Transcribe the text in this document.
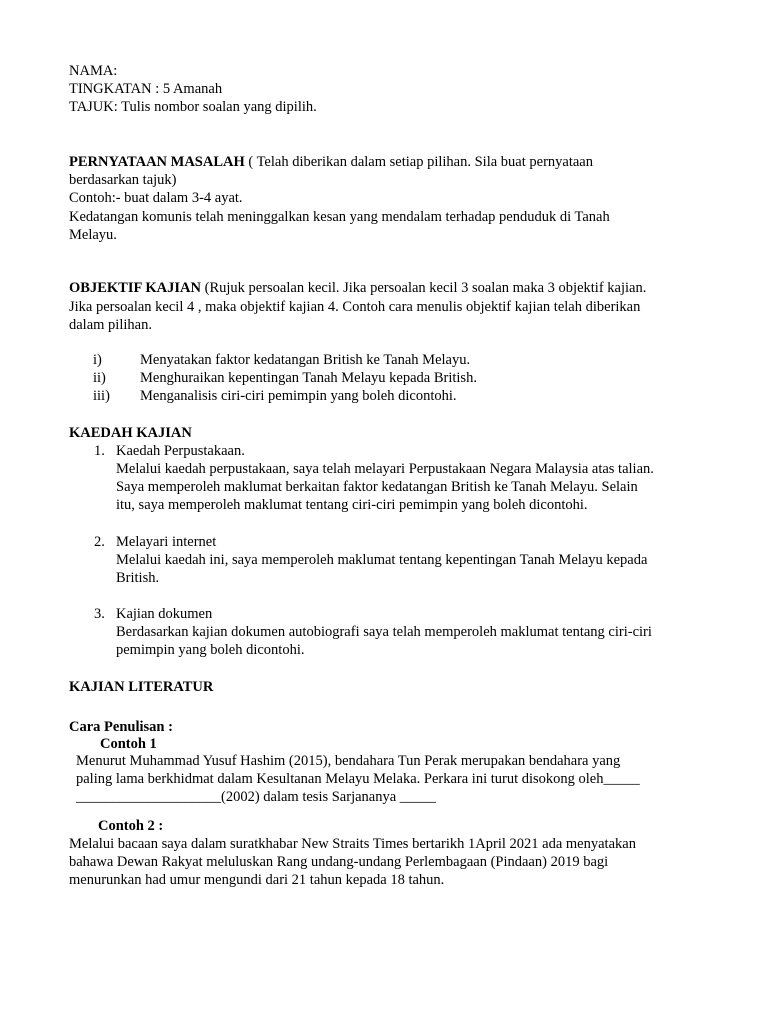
NAMA:
TINGKATAN : 5 Amanah
TAJUK: Tulis nombor soalan yang dipilih.
PERNYATAAN MASALAH ( Telah diberikan dalam setiap pilihan. Sila buat pernyataan
berdasarkan tajuk)
Contoh:- buat dalam 3-4 ayat.
Kedatangan komunis telah meninggalkan kesan yang mendalam terhadap penduduk di Tanah
Melayu.
OBJEKTIF KAJIAN (Rujuk persoalan kecil. Jika persoalan kecil 3 soalan maka 3 objektif kajian.
Jika persoalan kecil 4 , maka objektif kajian 4. Contoh cara menulis objektif kajian telah diberikan
dalam pilihan.
i)	Menyatakan faktor kedatangan British ke Tanah Melayu.
ii) Menghuraikan kepentingan Tanah Melayu kepada British.
iii) Menganalisis ciri-ciri pemimpin yang boleh dicontohi.
KAEDAH KAJIAN
1. Kaedah Perpustakaan.
Melalui kaedah perpustakaan, saya telah melayari Perpustakaan Negara Malaysia atas talian.
Saya memperoleh maklumat berkaitan faktor kedatangan British ke Tanah Melayu. Selain
itu, saya memperoleh maklumat tentang ciri-ciri pemimpin yang boleh dicontohi.
2. Melayari internet
Melalui kaedah ini, saya memperoleh maklumat tentang kepentingan Tanah Melayu kepada
British.
3. Kajian dokumen
Berdasarkan kajian dokumen autobiografi saya telah memperoleh maklumat tentang ciri-ciri
pemimpin yang boleh dicontohi.
KAJIAN LITERATUR
Cara Penulisan :
Contoh 1
Menurut Muhammad Yusuf Hashim (2015), bendahara Tun Perak merupakan bendahara yang
paling lama berkhidmat dalam Kesultanan Melayu Melaka. Perkara ini turut disokong oleh_____
____________________(2002) dalam tesis Sarjananya _____
Contoh 2 :
Melalui bacaan saya dalam suratkhabar New Straits Times bertarikh 1April 2021 ada menyatakan
bahawa Dewan Rakyat meluluskan Rang undang-undang Perlembagaan (Pindaan) 2019 bagi
menurunkan had umur mengundi dari 21 tahun kepada 18 tahun.
